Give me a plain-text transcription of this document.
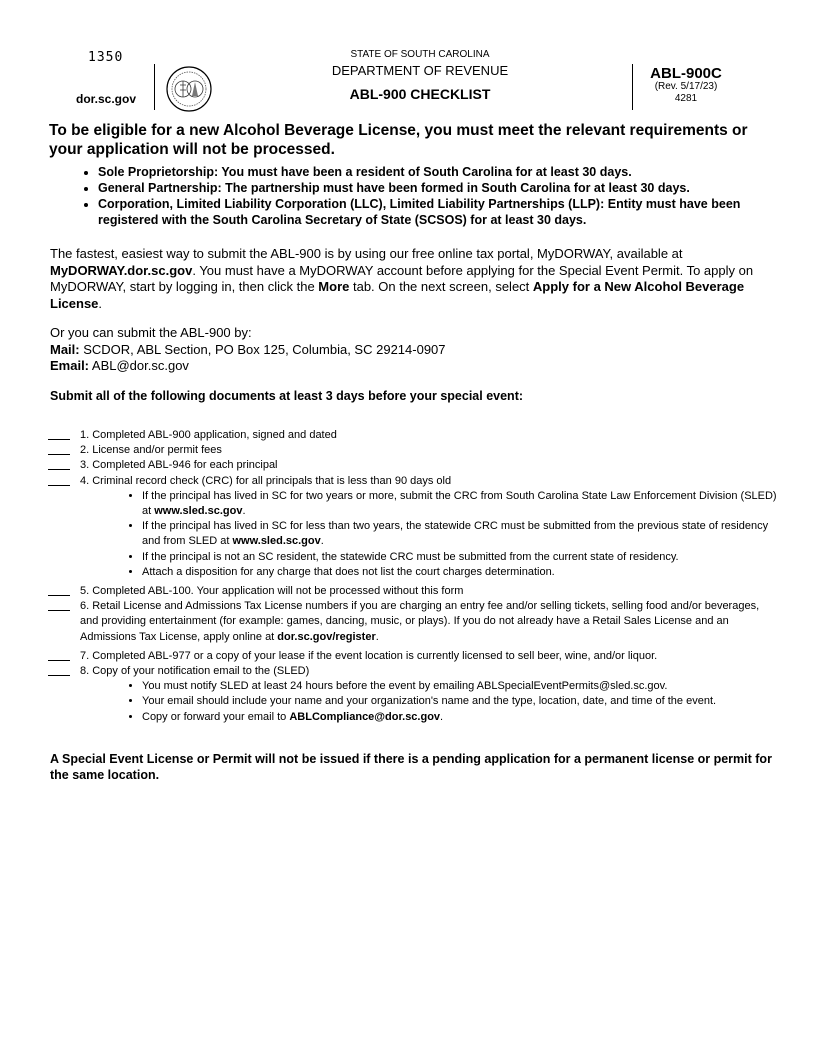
1350
dor.sc.gov
STATE OF SOUTH CAROLINA
DEPARTMENT OF REVENUE
ABL-900 CHECKLIST
ABL-900C
(Rev. 5/17/23)
4281
To be eligible for a new Alcohol Beverage License, you must meet the relevant requirements or your application will not be processed.
• Sole Proprietorship: You must have been a resident of South Carolina for at least 30 days.
• General Partnership: The partnership must have been formed in South Carolina for at least 30 days.
• Corporation, Limited Liability Corporation (LLC), Limited Liability Partnerships (LLP): Entity must have been registered with the South Carolina Secretary of State (SCSOS) for at least 30 days.
The fastest, easiest way to submit the ABL-900 is by using our free online tax portal, MyDORWAY, available at MyDORWAY.dor.sc.gov. You must have a MyDORWAY account before applying for the Special Event Permit. To apply on MyDORWAY, start by logging in, then click the More tab. On the next screen, select Apply for a New Alcohol Beverage License.
Or you can submit the ABL-900 by:
Mail: SCDOR, ABL Section, PO Box 125, Columbia, SC 29214-0907
Email: ABL@dor.sc.gov
Submit all of the following documents at least 3 days before your special event:
1. Completed ABL-900 application, signed and dated
2. License and/or permit fees
3. Completed ABL-946 for each principal
4. Criminal record check (CRC) for all principals that is less than 90 days old
• If the principal has lived in SC for two years or more, submit the CRC from South Carolina State Law Enforcement Division (SLED) at www.sled.sc.gov.
• If the principal has lived in SC for less than two years, the statewide CRC must be submitted from the previous state of residency and from SLED at www.sled.sc.gov.
• If the principal is not an SC resident, the statewide CRC must be submitted from the current state of residency.
• Attach a disposition for any charge that does not list the court charges determination.
5. Completed ABL-100. Your application will not be processed without this form
6. Retail License and Admissions Tax License numbers if you are charging an entry fee and/or selling tickets, selling food and/or beverages, and providing entertainment (for example: games, dancing, music, or plays). If you do not already have a Retail Sales License and an Admissions Tax License, apply online at dor.sc.gov/register.
7. Completed ABL-977 or a copy of your lease if the event location is currently licensed to sell beer, wine, and/or liquor.
8. Copy of your notification email to the (SLED)
• You must notify SLED at least 24 hours before the event by emailing ABLSpecialEventPermits@sled.sc.gov.
• Your email should include your name and your organization's name and the type, location, date, and time of the event.
• Copy or forward your email to ABLCompliance@dor.sc.gov.
A Special Event License or Permit will not be issued if there is a pending application for a permanent license or permit for the same location.
